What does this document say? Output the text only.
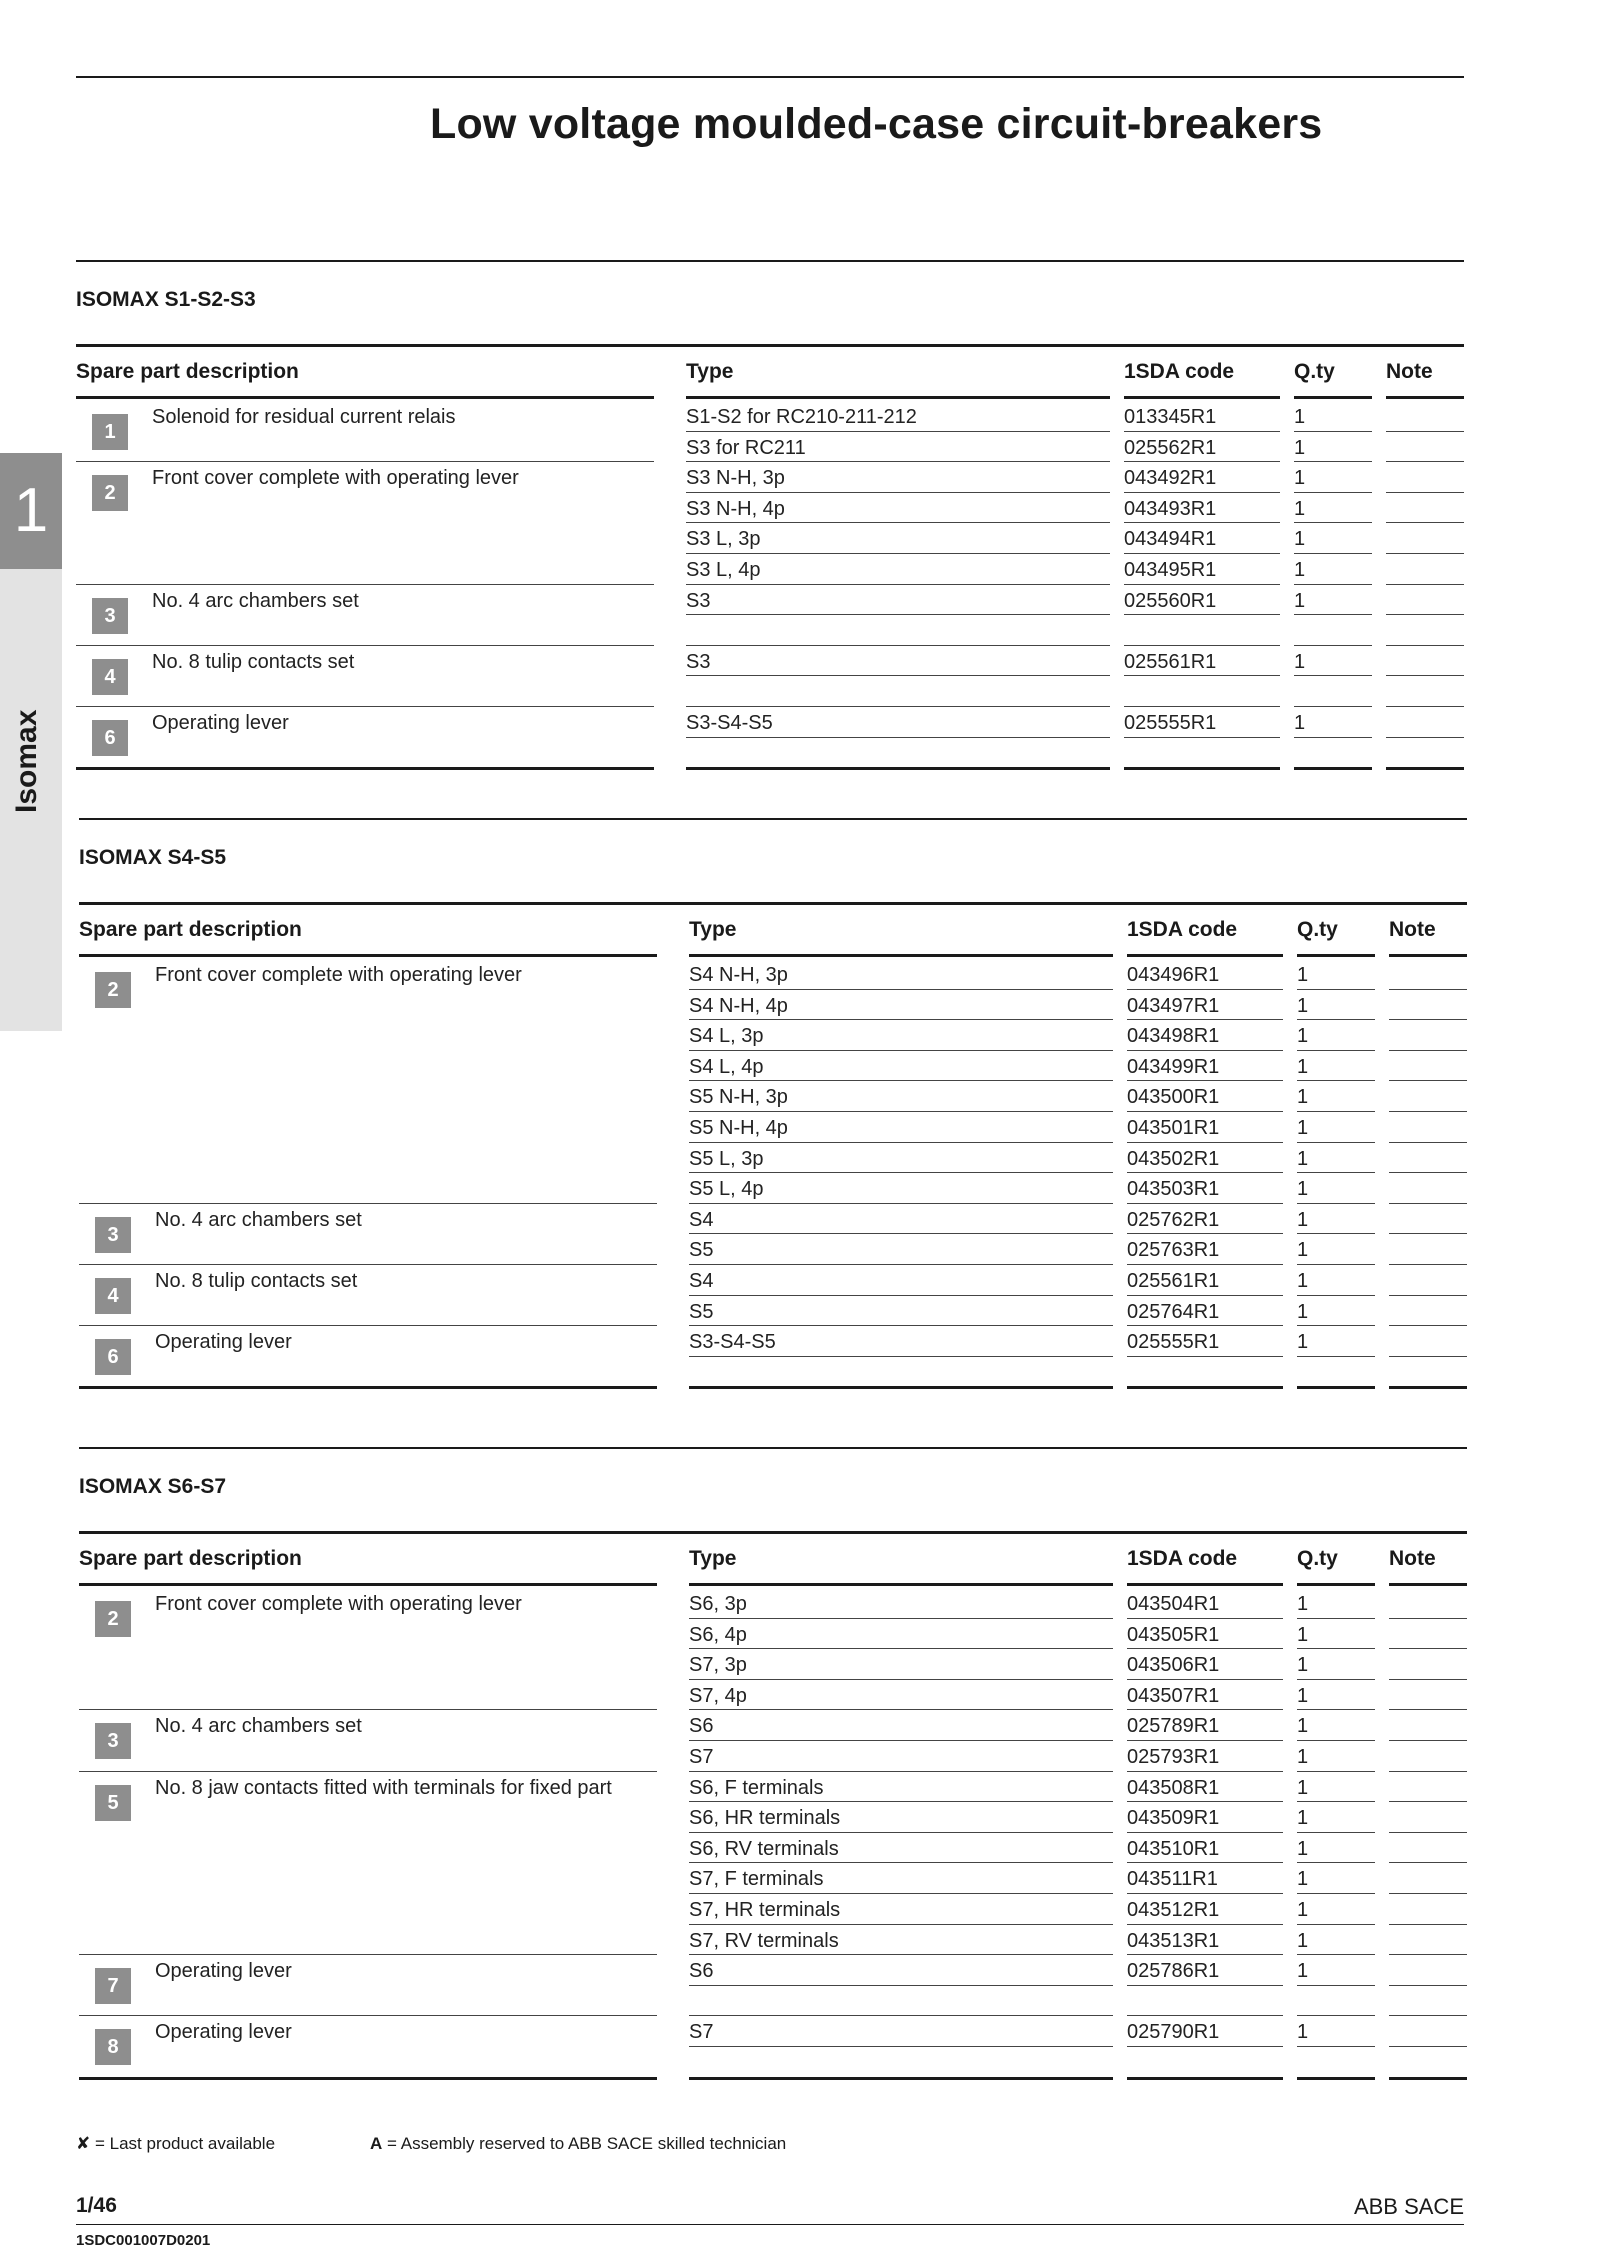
Low voltage moulded-case circuit-breakers
1
Isomax
ISOMAX S1-S2-S3
Spare part description	Type	1SDA code	Q.ty Note
1
Solenoid for residual current relais	S1-S2 for RC210-211-212	013345R1	1
S3 for RC211	025562R1	1
2
Front cover complete with operating lever	S3 N-H, 3p	043492R1	1
S3 N-H, 4p	043493R1	1
S3 L, 3p	043494R1	1
S3 L, 4p	043495R1	1
3
No. 4 arc chambers set	S3	025560R1	1
4
No. 8 tulip contacts set	S3	025561R1	1
6
Operating lever	S3-S4-S5	025555R1	1
ISOMAX S4-S5
Spare part description	Type	1SDA code	Q.ty Note
2
Front cover complete with operating lever	S4 N-H, 3p	043496R1	1
S4 N-H, 4p	043497R1	1
S4 L, 3p	043498R1	1
S4 L, 4p	043499R1	1
S5 N-H, 3p	043500R1	1
S5 N-H, 4p	043501R1	1
S5 L, 3p	043502R1	1
S5 L, 4p	043503R1	1
3
No. 4 arc chambers set	S4	025762R1	1
S5	025763R1	1
4
No. 8 tulip contacts set	S4	025561R1	1
S5	025764R1	1
6
Operating lever	S3-S4-S5	025555R1	1
ISOMAX S6-S7
Spare part description	Type	1SDA code	Q.ty Note
2
Front cover complete with operating lever	S6, 3p	043504R1	1
S6, 4p	043505R1	1
S7, 3p	043506R1	1
S7, 4p	043507R1	1
3
No. 4 arc chambers set	S6	025789R1	1
S7	025793R1	1
5
No. 8 jaw contacts fitted with terminals for fixed part	S6, F terminals	043508R1	1
S6, HR terminals	043509R1	1
S6, RV terminals	043510R1	1
S7, F terminals	043511R1	1
S7, HR terminals	043512R1	1
S7, RV terminals	043513R1	1
7
Operating lever	S6	025786R1	1
8
Operating lever	S7	025790R1	1
✘ = Last product available	A = Assembly reserved to ABB SACE skilled technician
1/46	ABB SACE
1SDC001007D0201
